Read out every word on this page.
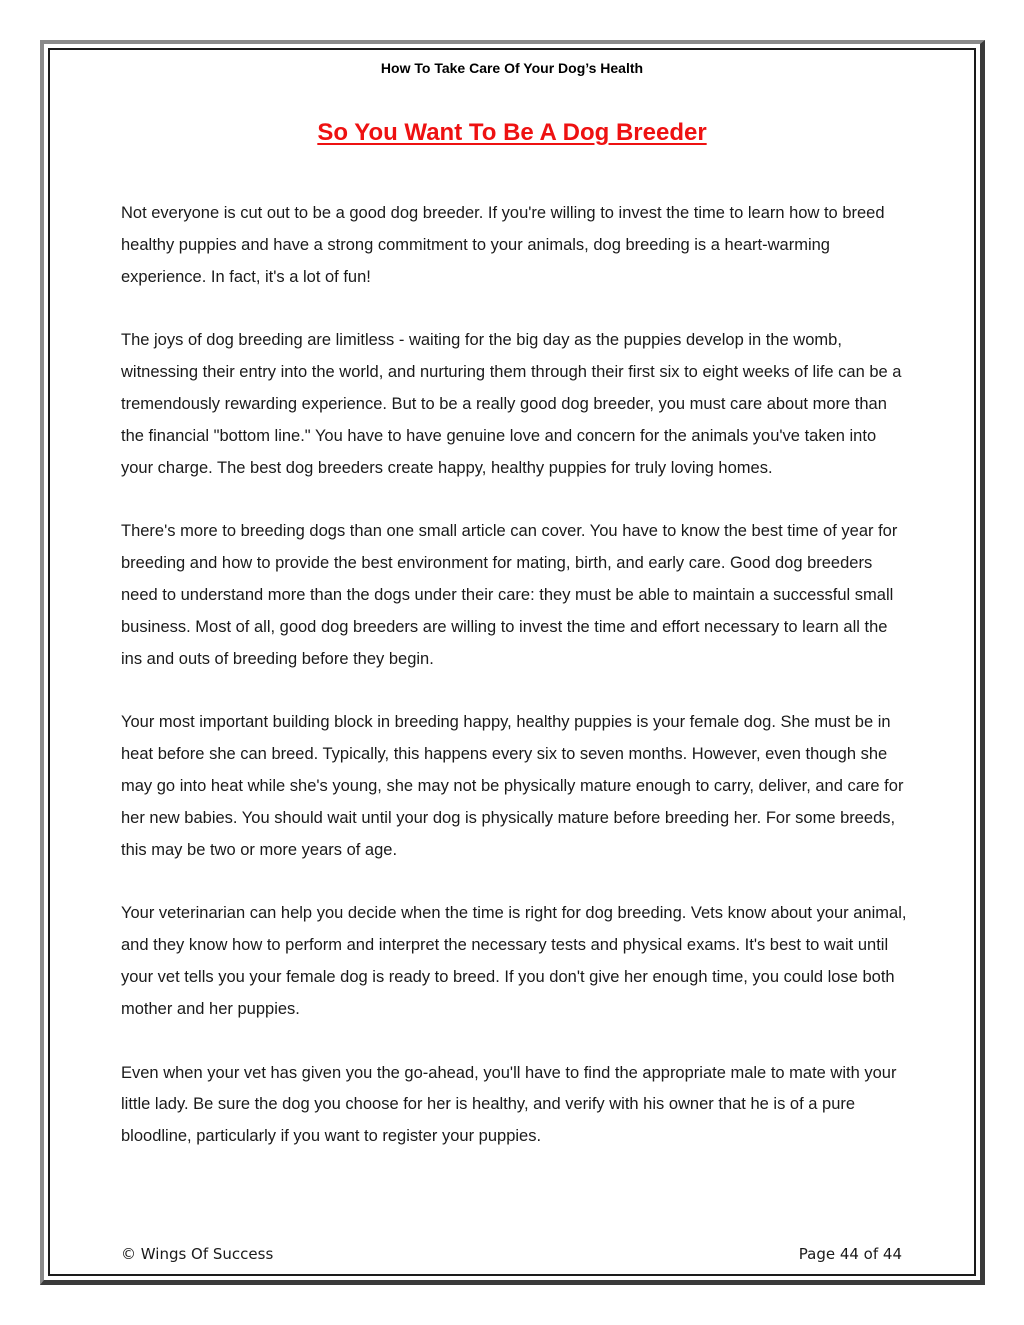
How To Take Care Of Your Dog’s Health

So You Want To Be A Dog Breeder

Not everyone is cut out to be a good dog breeder. If you're willing to invest the time to learn how to breed healthy puppies and have a strong commitment to your animals, dog breeding is a heart-warming experience. In fact, it's a lot of fun!

The joys of dog breeding are limitless - waiting for the big day as the puppies develop in the womb, witnessing their entry into the world, and nurturing them through their first six to eight weeks of life can be a tremendously rewarding experience. But to be a really good dog breeder, you must care about more than the financial "bottom line." You have to have genuine love and concern for the animals you've taken into your charge. The best dog breeders create happy, healthy puppies for truly loving homes.

There's more to breeding dogs than one small article can cover. You have to know the best time of year for breeding and how to provide the best environment for mating, birth, and early care. Good dog breeders need to understand more than the dogs under their care: they must be able to maintain a successful small business. Most of all, good dog breeders are willing to invest the time and effort necessary to learn all the ins and outs of breeding before they begin.

Your most important building block in breeding happy, healthy puppies is your female dog. She must be in heat before she can breed. Typically, this happens every six to seven months. However, even though she may go into heat while she's young, she may not be physically mature enough to carry, deliver, and care for her new babies. You should wait until your dog is physically mature before breeding her. For some breeds, this may be two or more years of age.

Your veterinarian can help you decide when the time is right for dog breeding. Vets know about your animal, and they know how to perform and interpret the necessary tests and physical exams. It's best to wait until your vet tells you your female dog is ready to breed. If you don't give her enough time, you could lose both mother and her puppies.

Even when your vet has given you the go-ahead, you'll have to find the appropriate male to mate with your little lady. Be sure the dog you choose for her is healthy, and verify with his owner that he is of a pure bloodline, particularly if you want to register your puppies.

© Wings Of Success	Page 44 of 44
